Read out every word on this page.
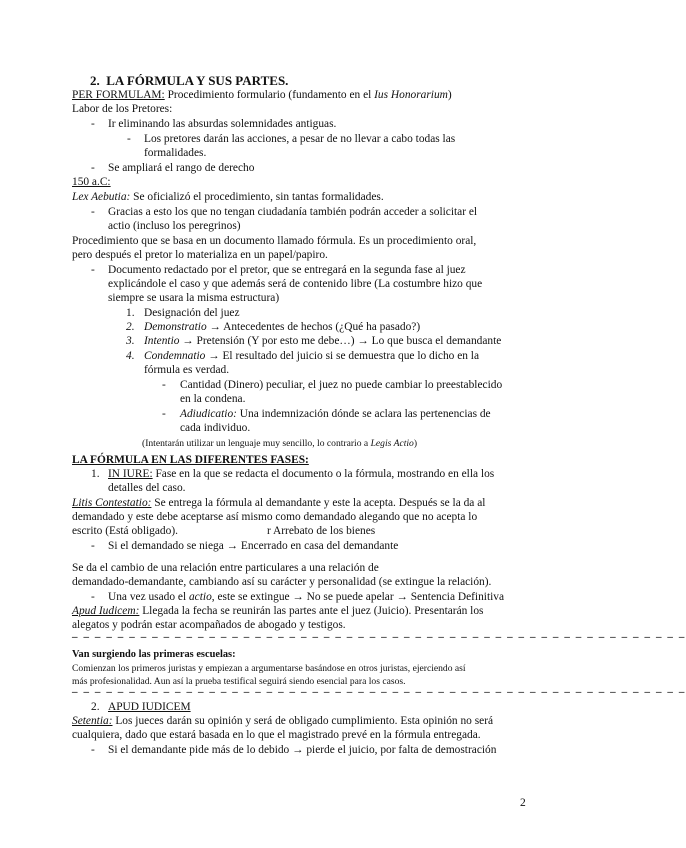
2. LA FÓRMULA Y SUS PARTES.
PER FORMULAM: Procedimiento formulario (fundamento en el Ius Honorarium)
Labor de los Pretores:
- Ir eliminando las absurdas solemnidades antiguas.
- Los pretores darán las acciones, a pesar de no llevar a cabo todas las
formalidades.
- Se ampliará el rango de derecho
150 a.C:
Lex Aebutia: Se oficializó el procedimiento, sin tantas formalidades.
- Gracias a esto los que no tengan ciudadanía también podrán acceder a solicitar el
actio (incluso los peregrinos)
Procedimiento que se basa en un documento llamado fórmula. Es un procedimiento oral,
pero después el pretor lo materializa en un papel/papiro.
- Documento redactado por el pretor, que se entregará en la segunda fase al juez
explicándole el caso y que además será de contenido libre (La costumbre hizo que
siempre se usara la misma estructura)
1. Designación del juez
2. Demonstratio → Antecedentes de hechos (¿Qué ha pasado?)
3. Intentio → Pretensión (Y por esto me debe…) → Lo que busca el demandante
4. Condemnatio → El resultado del juicio si se demuestra que lo dicho en la
fórmula es verdad.
- Cantidad (Dinero) peculiar, el juez no puede cambiar lo preestablecido
en la condena.
- Adiudicatio: Una indemnización dónde se aclara las pertenencias de
cada individuo.
(Intentarán utilizar un lenguaje muy sencillo, lo contrario a Legis Actio)
LA FÓRMULA EN LAS DIFERENTES FASES:
1. IN IURE: Fase en la que se redacta el documento o la fórmula, mostrando en ella los
detalles del caso.
Litis Contestatio: Se entrega la fórmula al demandante y este la acepta. Después se la da al
demandado y este debe aceptarse así mismo como demandado alegando que no acepta lo
escrito (Está obligado).	r Arrebato de los bienes
- Si el demandado se niega → Encerrado en casa del demandante
Se da el cambio de una relación entre particulares a una relación de
demandado-demandante, cambiando así su carácter y personalidad (se extingue la relación).
- Una vez usado el actio, este se extingue → No se puede apelar → Sentencia Definitiva
Apud Iudicem: Llegada la fecha se reunirán las partes ante el juez (Juicio). Presentarán los
alegatos y podrán estar acompañados de abogado y testigos.
– – – – – – – – – – – – – – – – – – – – – – – – – – – – – – – – – – – – – – – – – – – – – – – – – – – – – –
Van surgiendo las primeras escuelas:
Comienzan los primeros juristas y empiezan a argumentarse basándose en otros juristas, ejerciendo así
más profesionalidad. Aun así la prueba testifical seguirá siendo esencial para los casos.
– – – – – – – – – – – – – – – – – – – – – – – – – – – – – – – – – – – – – – – – – – – – – – – – – – – – – –
2. APUD IUDICEM
Setentia: Los jueces darán su opinión y será de obligado cumplimiento. Esta opinión no será
cualquiera, dado que estará basada en lo que el magistrado prevé en la fórmula entregada.
- Si el demandante pide más de lo debido → pierde el juicio, por falta de demostración
2
